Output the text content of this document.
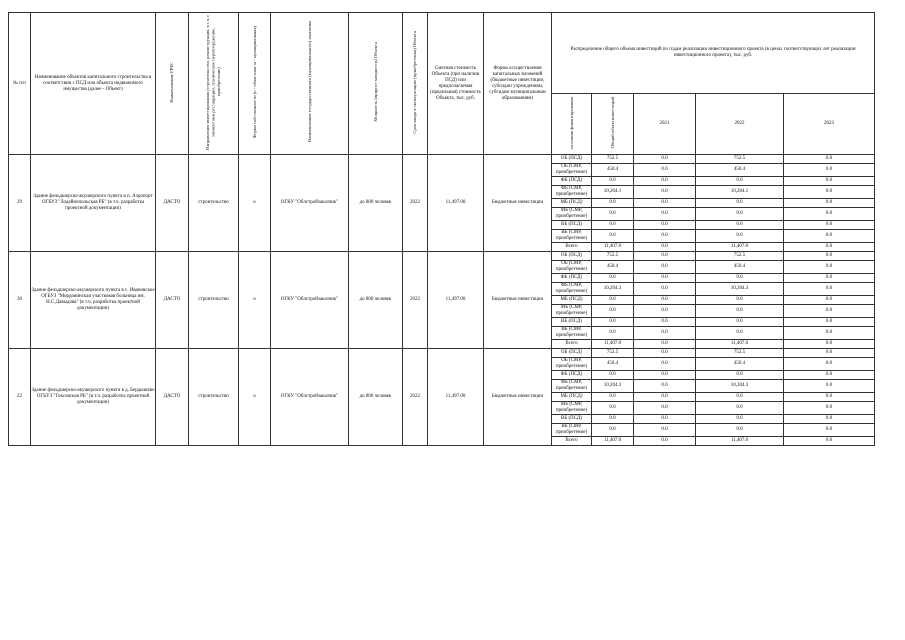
№ п/п	Наименование объектов капитального строительства в соответствии с ПСД или объекта недвижимого имущества (далее - Объект)	Наименование ГРБС	Направление инвестирования (строительство, реконструкция, в т.ч. с элементами реставрации, техническое перевооружение, приобретение)	Форма собственности (о - областная, м - муниципальная)	Наименование государственного (муниципального) заказчика	Мощность (прирост мощности) Объекта	Срок ввода в эксплуатацию (приобретения) Объекта	Сметная стоимость Объекта (при наличии ПСД) или предполагаемая (предельная) стоимость Объекта, тыс. руб.	Форма осуществления капитальных вложений (бюджетные инвестиции, субсидии учреждениям, субсидии муниципальным образованиям)	Распределение общего объема инвестиций по годам реализации инвестиционного проекта (в ценах соответствующих лет реализации инвестиционного проекта), тыс. руб.				
										источник финансирования	Общий объем инвестиций	2021	2022	2023
29	Здание фельдшерско-акушерского пункта в п. Аэропорт ОГБУЗ "Лодейнопольская РБ" (в т.ч. разработка проектной документации)	ДАСТО	строительство	о	ОГКУ "Облстройзаказчик"	до 800 человек	2022	11,497.00	Бюджетные инвестиции	ОБ (ПСД)	752.5	0.0	752.5	0.0
										ОБ (СМР, приобретение)	450.4	0.0	450.4	0.0
										ФБ (ПСД)	0.0	0.0	0.0	0.0
										ФБ (СМР, приобретение)	10,204.1	0.0	10,204.1	0.0
										МБ (ПСД)	0.0	0.0	0.0	0.0
										МБ (СМР, приобретение)	0.0	0.0	0.0	0.0
										ВБ (ПСД)	0.0	0.0	0.0	0.0
										ВБ (СМР, приобретение)	0.0	0.0	0.0	0.0
										Всего	11,407.0	0.0	11,407.0	0.0
30	Здание фельдшерско-акушерского пункта в с. Ивановское ОГБУЗ "Мордовинская участковая больница им. Н.С.Давыдова" (в т.ч. разработка проектной документации)	ДАСТО	строительство	о	ОГКУ "Облстройзаказчик"	до 800 человек	2022	11,497.00	Бюджетные инвестиции	ОБ (ПСД)	752.5	0.0	752.5	0.0
										ОБ (СМР, приобретение)	450.4	0.0	450.4	0.0
										ФБ (ПСД)	0.0	0.0	0.0	0.0
										ФБ (СМР, приобретение)	10,204.3	0.0	10,204.3	0.0
										МБ (ПСД)	0.0	0.0	0.0	0.0
										МБ (СМР, приобретение)	0.0	0.0	0.0	0.0
										ВБ (ПСД)	0.0	0.0	0.0	0.0
										ВБ (СМР, приобретение)	0.0	0.0	0.0	0.0
										Всего	11,407.0	0.0	11,407.0	0.0
22	Здание фельдшерско-акушерского пункта в д. Бердышево ОГБУЗ "Токсовская РБ" (в т.ч. разработка проектной документации)	ДАСТО	строительство	о	ОГКУ "Облстройзаказчик"	до 800 человек	2022	11,497.00	Бюджетные инвестиции	ОБ (ПСД)	752.5	0.0	752.5	0.0
										ОБ (СМР, приобретение)	450.4	0.0	450.4	0.0
										ФБ (ПСД)	0.0	0.0	0.0	0.0
										ФБ (СМР, приобретение)	10,204.3	0.0	10,204.3	0.0
										МБ (ПСД)	0.0	0.0	0.0	0.0
										МБ (СМР, приобретение)	0.0	0.0	0.0	0.0
										ВБ (ПСД)	0.0	0.0	0.0	0.0
										ВБ (СМР, приобретение)	0.0	0.0	0.0	0.0
										Всего	11,407.0	0.0	11,407.0	0.0
